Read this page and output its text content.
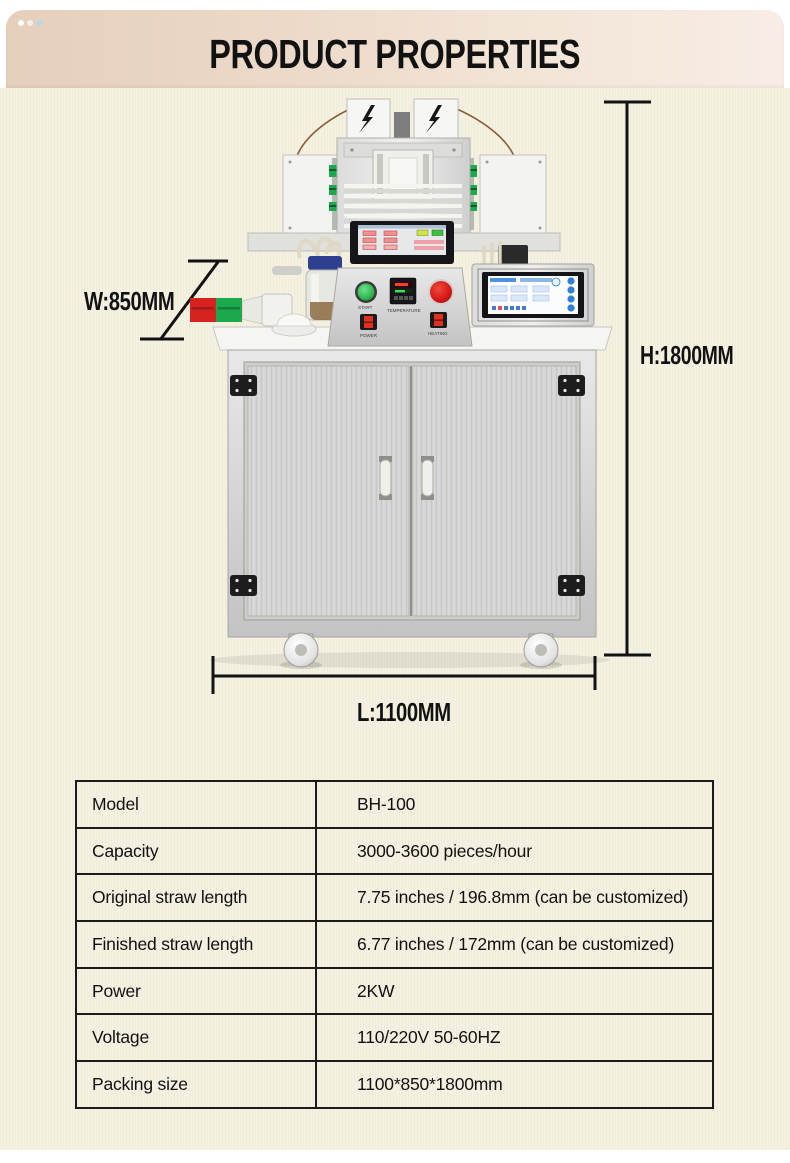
PRODUCT PROPERTIES
W:850MM
H:1800MM
L:1100MM
START
TEMPERATURE
POWER	HEATING
Model	BH-100
Capacity	3000-3600 pieces/hour
Original straw length	7.75 inches / 196.8mm (can be customized)
Finished straw length	6.77 inches / 172mm (can be customized)
Power	2KW
Voltage	110/220V 50-60HZ
Packing size	1100*850*1800mm
